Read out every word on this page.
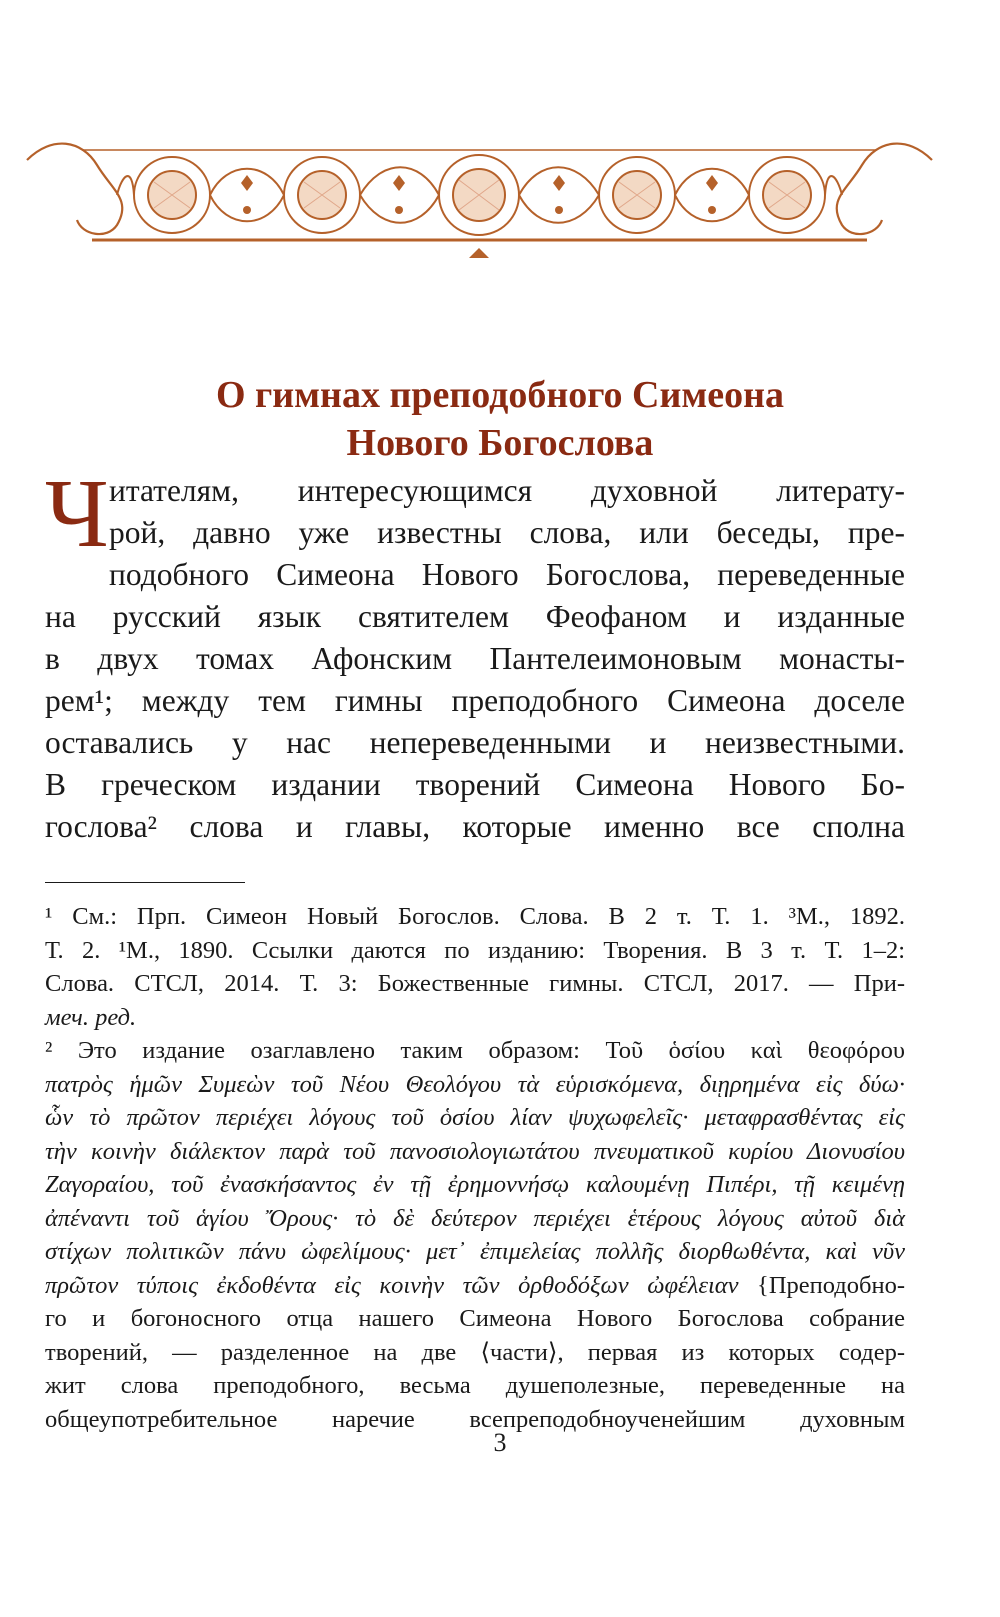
О гимнах преподобного Симеона
Нового Богослова
Ч итателям, интересующимся духовной литерату-
рой, давно уже известны слова, или беседы, пре-
подобного Симеона Нового Богослова, переведенные
на русский язык святителем Феофаном и изданные
в двух томах Афонским Пантелеимоновым монасты-
рем¹; между тем гимны преподобного Симеона доселе
оставались у нас непереведенными и неизвестными.
В греческом издании творений Симеона Нового Бо-
гослова² слова и главы, которые именно все сполна
¹ См.: Прп. Симеон Новый Богослов. Слова. В 2 т. Т. 1. ³М., 1892.
Т. 2. ¹М., 1890. Ссылки даются по изданию: Творения. В 3 т. Т. 1–2:
Слова. СТСЛ, 2014. Т. 3: Божественные гимны. СТСЛ, 2017. — При-
меч. ред.
² Это издание озаглавлено таким образом: Τοῦ ὁσίου καὶ θεοφόρου
πατρὸς ἡμῶν Συμεὼν τοῦ Νέου Θεολόγου τὰ εὑρισκόμενα, διῃρημένα εἰς δύω·
ὧν τὸ πρῶτον περιέχει λόγους τοῦ ὁσίου λίαν ψυχωφελεῖς· μεταφρασθέντας εἰς
τὴν κοινὴν διάλεκτον παρὰ τοῦ πανοσιολογιωτάτου πνευματικοῦ κυρίου Διονυσίου
Ζαγοραίου, τοῦ ἐνασκήσαντος ἐν τῇ ἐρημοννήσῳ καλουμένῃ Πιπέρι, τῇ κειμένῃ
ἀπέναντι τοῦ ἁγίου Ὄρους· τὸ δὲ δεύτερον περιέχει ἑτέρους λόγους αὐτοῦ διὰ
στίχων πολιτικῶν πάνυ ὠφελίμους· μετ᾽ ἐπιμελείας πολλῆς διορθωθέντα, καὶ νῦν
πρῶτον τύποις ἐκδοθέντα εἰς κοινὴν τῶν ὀρθοδόξων ὠφέλειαν {Преподобно-
го и богоносного отца нашего Симеона Нового Богослова собрание
творений, — разделенное на две ⟨части⟩, первая из которых содер-
жит слова преподобного, весьма душеполезные, переведенные на
общеупотребительное наречие всепреподобноученейшим духовным
3
